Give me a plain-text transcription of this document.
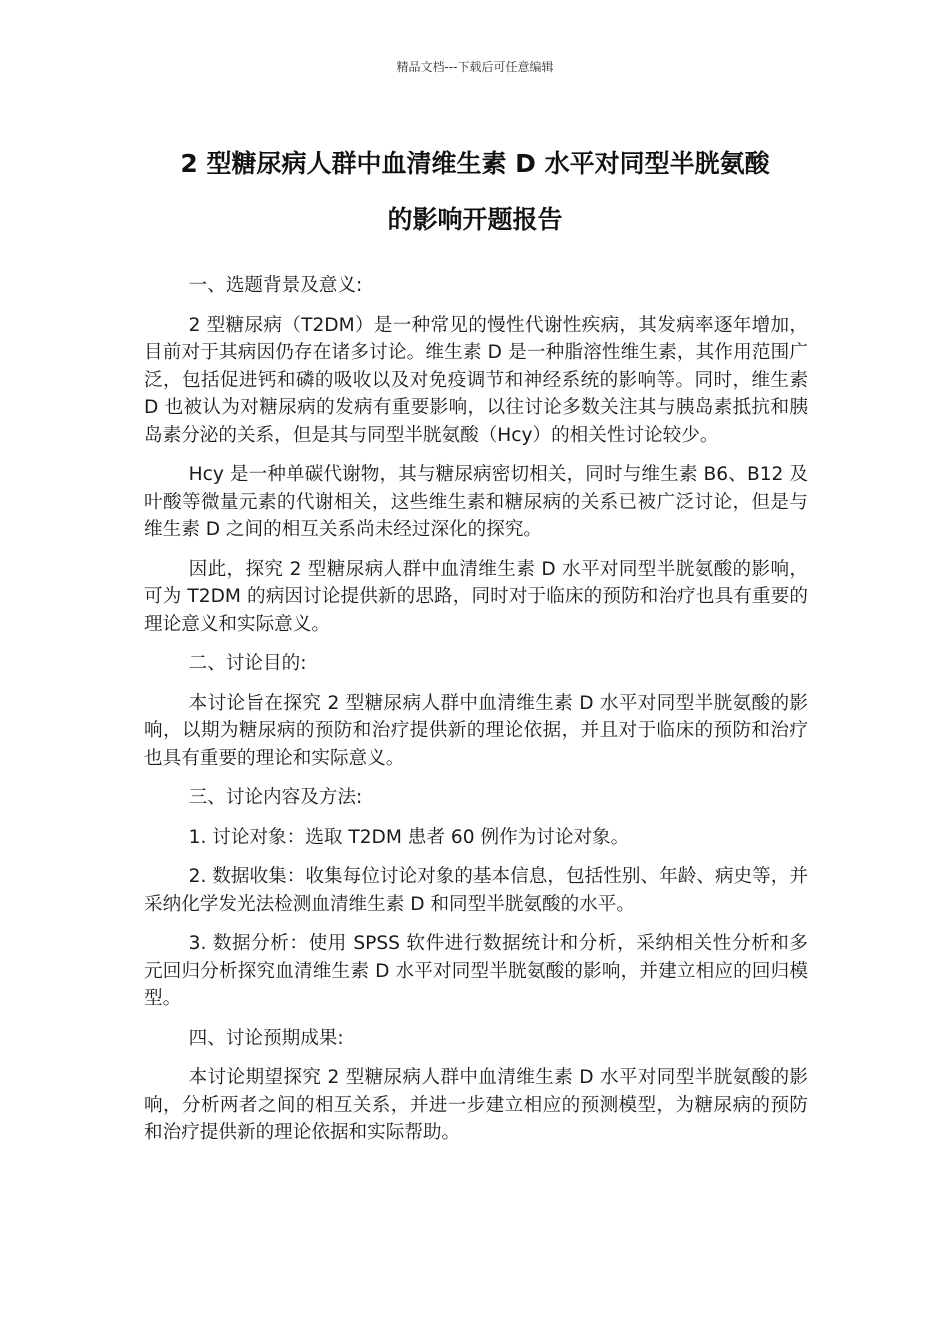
精品文档---下载后可任意编辑
2 型糖尿病人群中血清维生素 D 水平对同型半胱氨酸
的影响开题报告

一、选题背景及意义:

2 型糖尿病（T2DM）是一种常见的慢性代谢性疾病，其发病率逐年增加，目前对于其病因仍存在诸多讨论。维生素 D 是一种脂溶性维生素，其作用范围广泛，包括促进钙和磷的吸收以及对免疫调节和神经系统的影响等。同时，维生素 D 也被认为对糖尿病的发病有重要影响，以往讨论多数关注其与胰岛素抵抗和胰岛素分泌的关系，但是其与同型半胱氨酸（Hcy）的相关性讨论较少。

Hcy 是一种单碳代谢物，其与糖尿病密切相关，同时与维生素 B6、B12 及叶酸等微量元素的代谢相关，这些维生素和糖尿病的关系已被广泛讨论，但是与维生素 D 之间的相互关系尚未经过深化的探究。

因此，探究 2 型糖尿病人群中血清维生素 D 水平对同型半胱氨酸的影响，可为 T2DM 的病因讨论提供新的思路，同时对于临床的预防和治疗也具有重要的理论意义和实际意义。

二、讨论目的:

本讨论旨在探究 2 型糖尿病人群中血清维生素 D 水平对同型半胱氨酸的影响，以期为糖尿病的预防和治疗提供新的理论依据，并且对于临床的预防和治疗也具有重要的理论和实际意义。

三、讨论内容及方法:

1. 讨论对象：选取 T2DM 患者 60 例作为讨论对象。

2. 数据收集：收集每位讨论对象的基本信息，包括性别、年龄、病史等，并采纳化学发光法检测血清维生素 D 和同型半胱氨酸的水平。

3. 数据分析：使用 SPSS 软件进行数据统计和分析，采纳相关性分析和多元回归分析探究血清维生素 D 水平对同型半胱氨酸的影响，并建立相应的回归模型。

四、讨论预期成果:

本讨论期望探究 2 型糖尿病人群中血清维生素 D 水平对同型半胱氨酸的影响，分析两者之间的相互关系，并进一步建立相应的预测模型，为糖尿病的预防和治疗提供新的理论依据和实际帮助。
